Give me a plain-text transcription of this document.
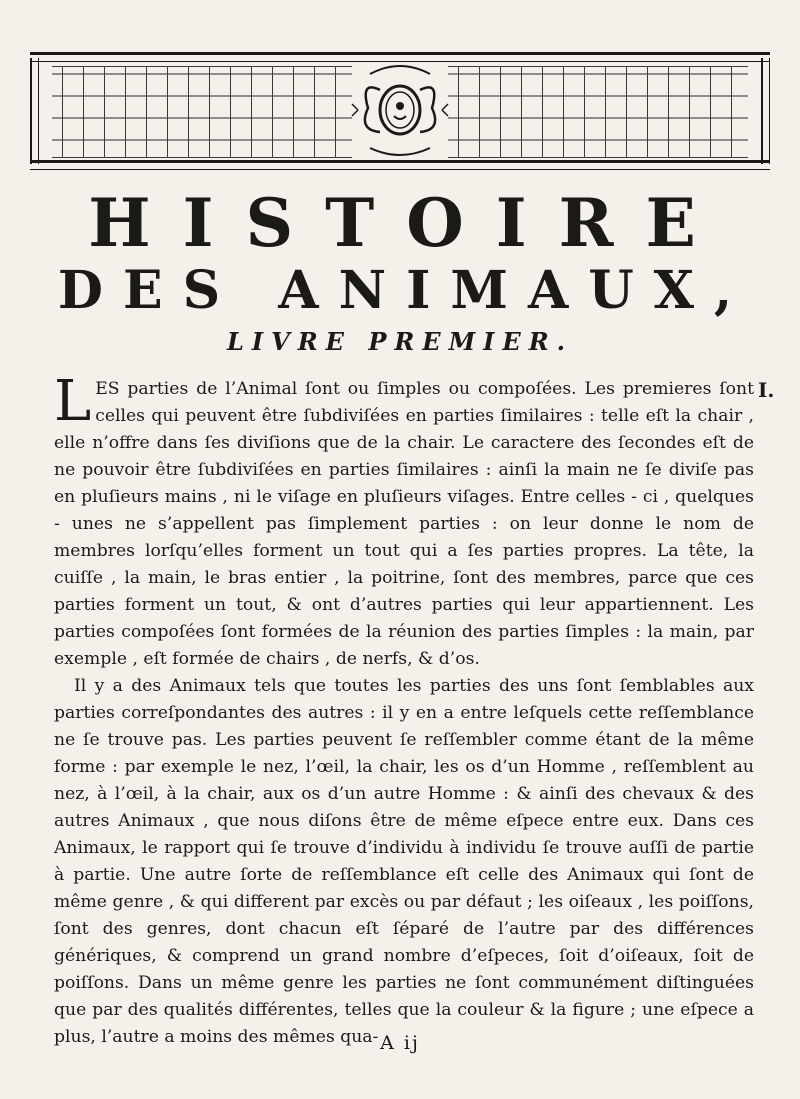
HISTOIRE
DES ANIMAUX,
LIVRE PREMIER.
I.

LES parties de l’Animal ſont ou ſimples ou compoſées. Les premieres ſont celles qui peuvent être ſubdiviſées en parties ſimilaires : telle eſt la chair , elle n’offre dans ſes diviſions que de la chair. Le caractere des ſecondes eſt de ne pouvoir être ſubdiviſées en parties ſimilaires : ainſi la main ne ſe diviſe pas en pluſieurs mains , ni le viſage en pluſieurs viſages. Entre celles - ci , quelques - unes ne s’appellent pas ſimplement parties : on leur donne le nom de membres lorſqu’elles forment un tout qui a ſes parties propres. La tête, la cuiſſe , la main, le bras entier , la poitrine, ſont des membres, parce que ces parties forment un tout, & ont d’autres parties qui leur appartiennent. Les parties compoſées ſont formées de la réunion des parties ſimples : la main, par exemple , eſt formée de chairs , de nerfs, & d’os.

Il y a des Animaux tels que toutes les parties des uns ſont ſemblables aux parties correſpondantes des autres : il y en a entre leſquels cette reſſemblance ne ſe trouve pas. Les parties peuvent ſe reſſembler comme étant de la même forme : par exemple le nez, l’œil, la chair, les os d’un Homme , reſſemblent au nez, à l’œil, à la chair, aux os d’un autre Homme : & ainſi des chevaux & des autres Animaux , que nous diſons être de même eſpece entre eux. Dans ces Animaux, le rapport qui ſe trouve d’individu à individu ſe trouve auſſi de partie à partie. Une autre ſorte de reſſemblance eſt celle des Animaux qui ſont de même genre , & qui different par excès ou par défaut ; les oiſeaux , les poiſſons, ſont des genres, dont chacun eſt ſéparé de l’autre par des différences génériques, & comprend un grand nombre d’eſpeces, ſoit d’oiſeaux, ſoit de poiſſons. Dans un même genre les parties ne ſont communément diſtinguées que par des qualités différentes, telles que la couleur & la figure ; une eſpece a plus, l’autre a moins des mêmes qua- A ij
